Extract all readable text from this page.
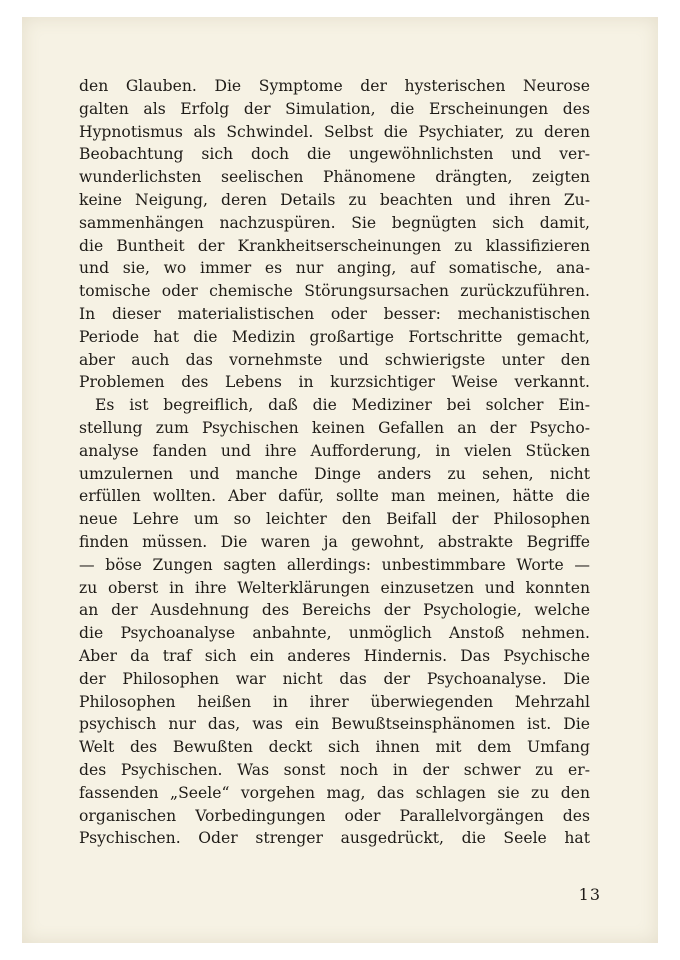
den Glauben. Die Symptome der hysterischen Neurose
galten als Erfolg der Simulation, die Erscheinungen des
Hypnotismus als Schwindel. Selbst die Psychiater, zu deren
Beobachtung sich doch die ungewöhnlichsten und ver-
wunderlichsten seelischen Phänomene drängten, zeigten
keine Neigung, deren Details zu beachten und ihren Zu-
sammenhängen nachzuspüren. Sie begnügten sich damit,
die Buntheit der Krankheitserscheinungen zu klassifizieren
und sie, wo immer es nur anging, auf somatische, ana-
tomische oder chemische Störungsursachen zurückzuführen.
In dieser materialistischen oder besser: mechanistischen
Periode hat die Medizin großartige Fortschritte gemacht,
aber auch das vornehmste und schwierigste unter den
Problemen des Lebens in kurzsichtiger Weise verkannt.
Es ist begreiflich, daß die Mediziner bei solcher Ein-
stellung zum Psychischen keinen Gefallen an der Psycho-
analyse fanden und ihre Aufforderung, in vielen Stücken
umzulernen und manche Dinge anders zu sehen, nicht
erfüllen wollten. Aber dafür, sollte man meinen, hätte die
neue Lehre um so leichter den Beifall der Philosophen
finden müssen. Die waren ja gewohnt, abstrakte Begriffe
— böse Zungen sagten allerdings: unbestimmbare Worte —
zu oberst in ihre Welterklärungen einzusetzen und konnten
an der Ausdehnung des Bereichs der Psychologie, welche
die Psychoanalyse anbahnte, unmöglich Anstoß nehmen.
Aber da traf sich ein anderes Hindernis. Das Psychische
der Philosophen war nicht das der Psychoanalyse. Die
Philosophen heißen in ihrer überwiegenden Mehrzahl
psychisch nur das, was ein Bewußtseinsphänomen ist. Die
Welt des Bewußten deckt sich ihnen mit dem Umfang
des Psychischen. Was sonst noch in der schwer zu er-
fassenden „Seele“ vorgehen mag, das schlagen sie zu den
organischen Vorbedingungen oder Parallelvorgängen des
Psychischen. Oder strenger ausgedrückt, die Seele hat
13
